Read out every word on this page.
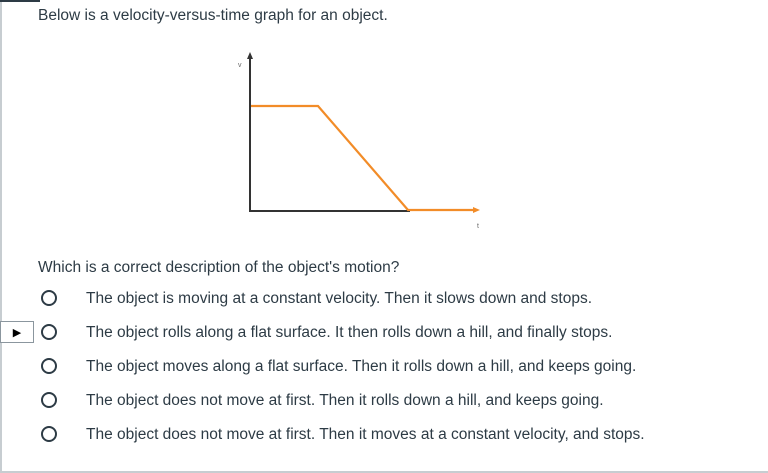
Below is a velocity-versus-time graph for an object.
v
t
Which is a correct description of the object's motion?
The object is moving at a constant velocity. Then it slows down and stops.
▶	The object rolls along a flat surface. It then rolls down a hill, and finally stops.
The object moves along a flat surface. Then it rolls down a hill, and keeps going.
The object does not move at first. Then it rolls down a hill, and keeps going.
The object does not move at first. Then it moves at a constant velocity, and stops.
